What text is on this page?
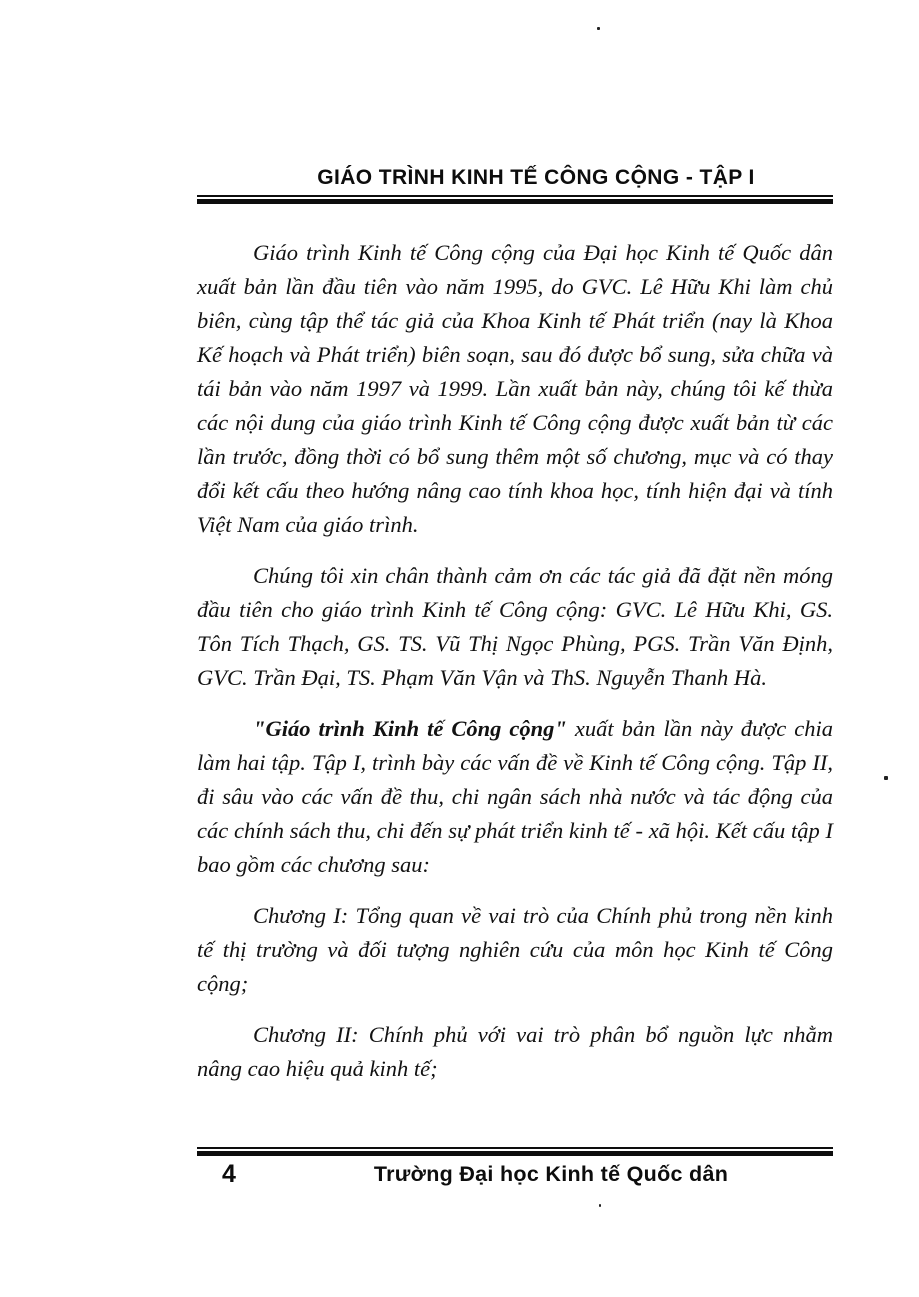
GIÁO TRÌNH KINH TẾ CÔNG CỘNG - TẬP I

Giáo trình Kinh tế Công cộng của Đại học Kinh tế Quốc dân xuất bản lần đầu tiên vào năm 1995, do GVC. Lê Hữu Khi làm chủ biên, cùng tập thể tác giả của Khoa Kinh tế Phát triển (nay là Khoa Kế hoạch và Phát triển) biên soạn, sau đó được bổ sung, sửa chữa và tái bản vào năm 1997 và 1999. Lần xuất bản này, chúng tôi kế thừa các nội dung của giáo trình Kinh tế Công cộng được xuất bản từ các lần trước, đồng thời có bổ sung thêm một số chương, mục và có thay đổi kết cấu theo hướng nâng cao tính khoa học, tính hiện đại và tính Việt Nam của giáo trình.

Chúng tôi xin chân thành cảm ơn các tác giả đã đặt nền móng đầu tiên cho giáo trình Kinh tế Công cộng: GVC. Lê Hữu Khi, GS. Tôn Tích Thạch, GS. TS. Vũ Thị Ngọc Phùng, PGS. Trần Văn Định, GVC. Trần Đại, TS. Phạm Văn Vận và ThS. Nguyễn Thanh Hà.

"Giáo trình Kinh tế Công cộng" xuất bản lần này được chia làm hai tập. Tập I, trình bày các vấn đề về Kinh tế Công cộng. Tập II, đi sâu vào các vấn đề thu, chi ngân sách nhà nước và tác động của các chính sách thu, chi đến sự phát triển kinh tế - xã hội. Kết cấu tập I bao gồm các chương sau:

Chương I: Tổng quan về vai trò của Chính phủ trong nền kinh tế thị trường và đối tượng nghiên cứu của môn học Kinh tế Công cộng;

Chương II: Chính phủ với vai trò phân bổ nguồn lực nhằm nâng cao hiệu quả kinh tế;

4	Trường Đại học Kinh tế Quốc dân
